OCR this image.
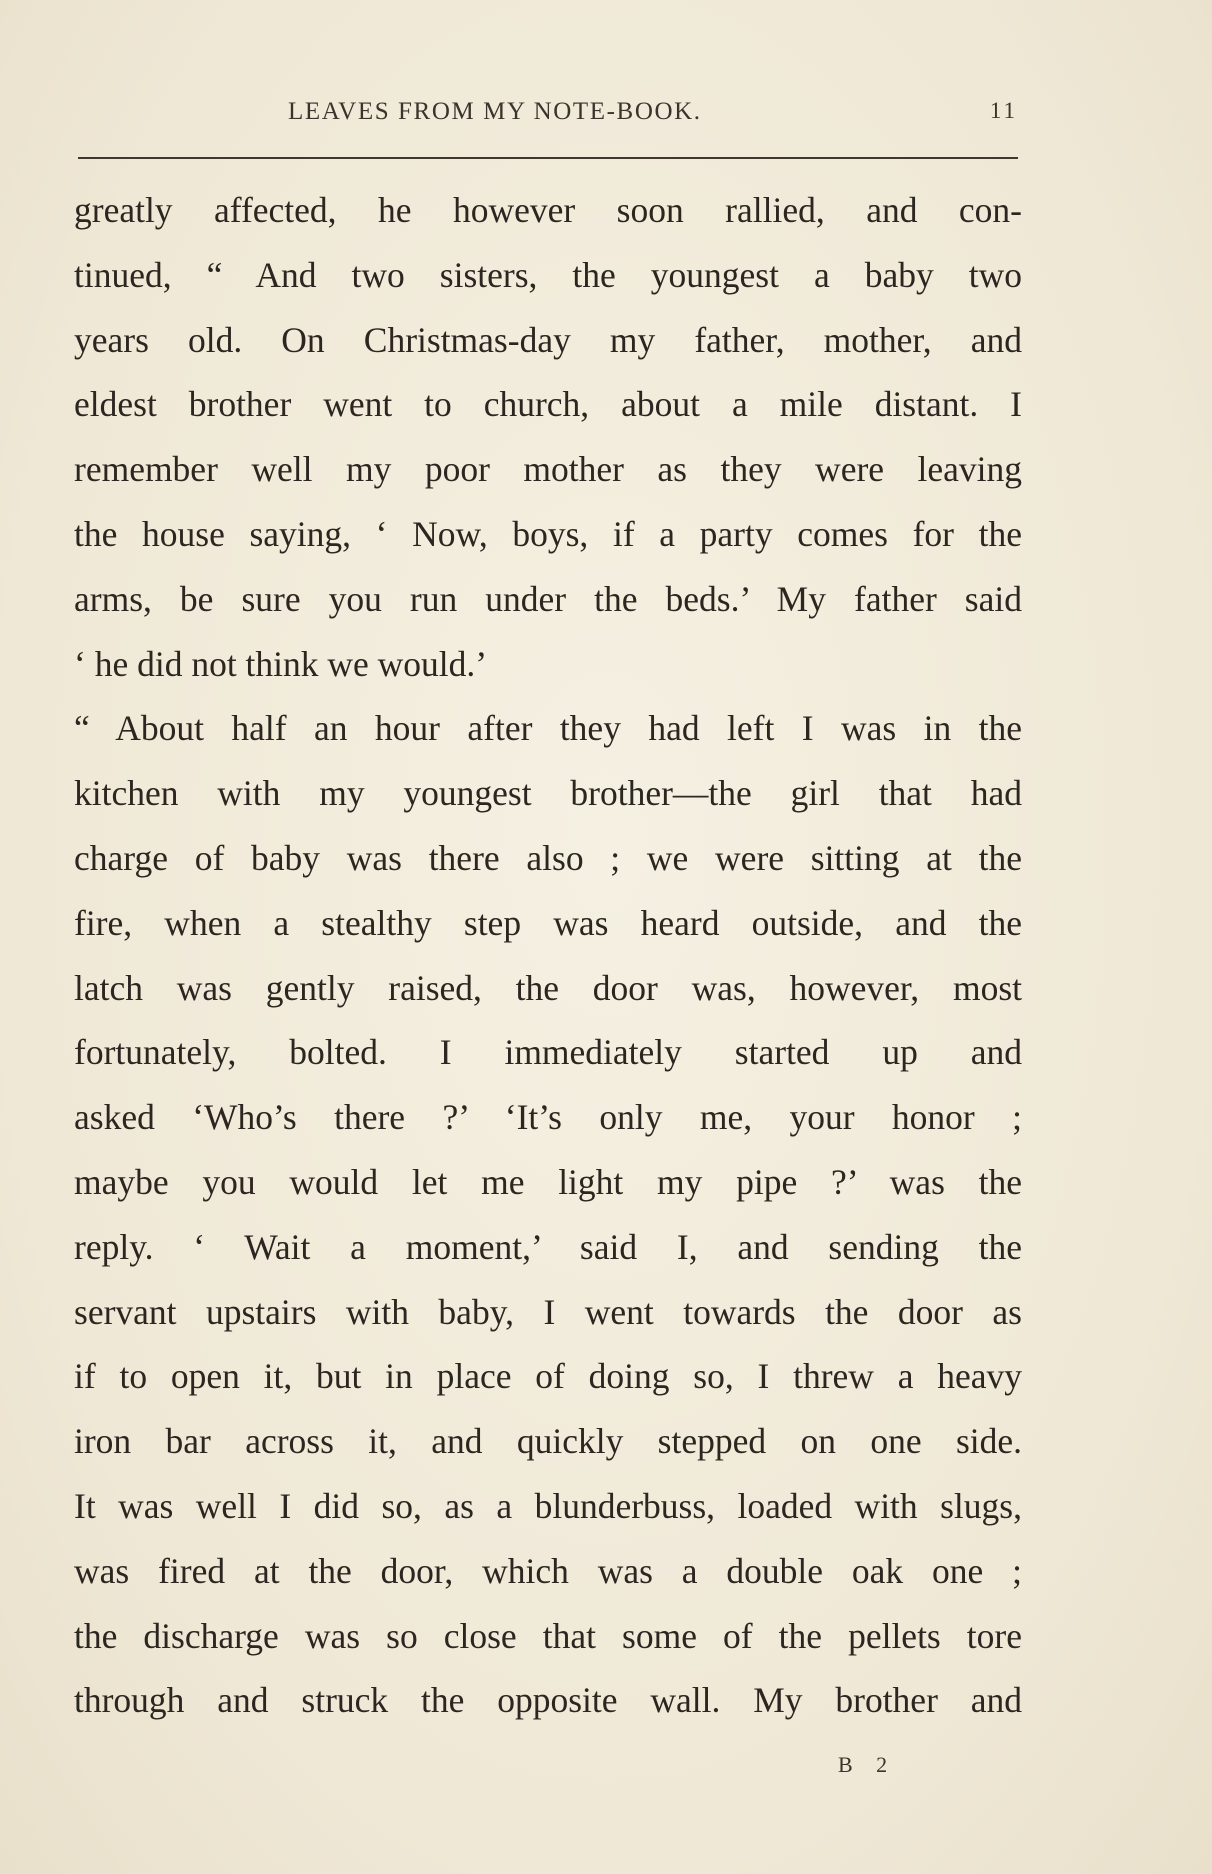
LEAVES FROM MY NOTE-BOOK.	11
greatly affected, he however soon rallied, and con-
tinued, “ And two sisters, the youngest a baby two
years old. On Christmas-day my father, mother, and
eldest brother went to church, about a mile distant. I
remember well my poor mother as they were leaving
the house saying, ‘ Now, boys, if a party comes for the
arms, be sure you run under the beds.’ My father said
‘ he did not think we would.’
“ About half an hour after they had left I was in the
kitchen with my youngest brother—the girl that had
charge of baby was there also ; we were sitting at the
fire, when a stealthy step was heard outside, and the
latch was gently raised, the door was, however, most
fortunately, bolted. I immediately started up and
asked ‘Who’s there ?’ ‘It’s only me, your honor ;
maybe you would let me light my pipe ?’ was the
reply. ‘ Wait a moment,’ said I, and sending the
servant upstairs with baby, I went towards the door as
if to open it, but in place of doing so, I threw a heavy
iron bar across it, and quickly stepped on one side.
It was well I did so, as a blunderbuss, loaded with slugs,
was fired at the door, which was a double oak one ;
the discharge was so close that some of the pellets tore
through and struck the opposite wall. My brother and
B 2
